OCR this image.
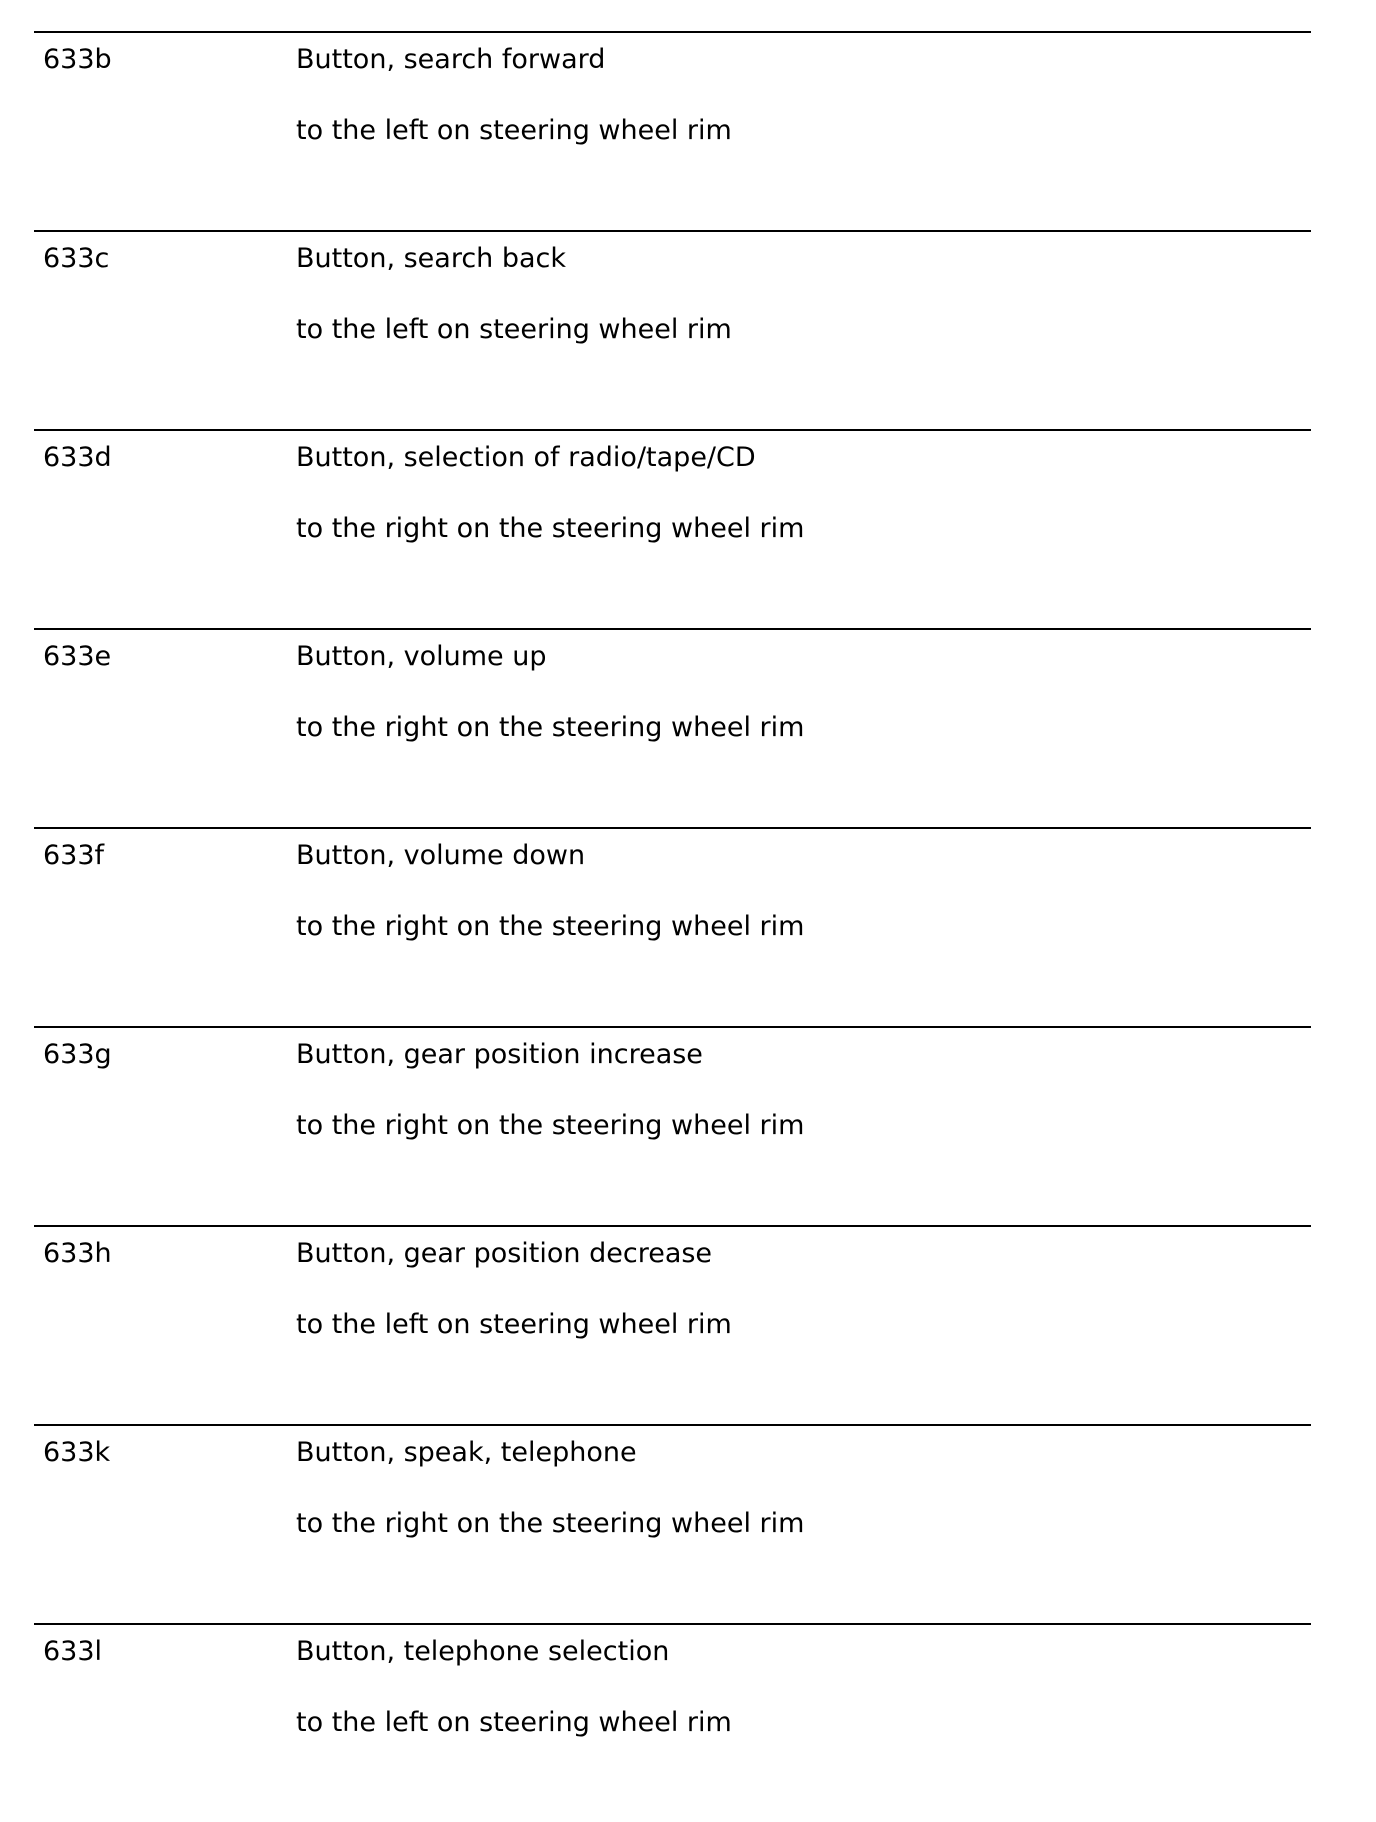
633b	Button, search forward
to the left on steering wheel rim
633c	Button, search back
to the left on steering wheel rim
633d	Button, selection of radio/tape/CD
to the right on the steering wheel rim
633e	Button, volume up
to the right on the steering wheel rim
633f	Button, volume down
to the right on the steering wheel rim
633g	Button, gear position increase
to the right on the steering wheel rim
633h	Button, gear position decrease
to the left on steering wheel rim
633k	Button, speak, telephone
to the right on the steering wheel rim
633l	Button, telephone selection
to the left on steering wheel rim
